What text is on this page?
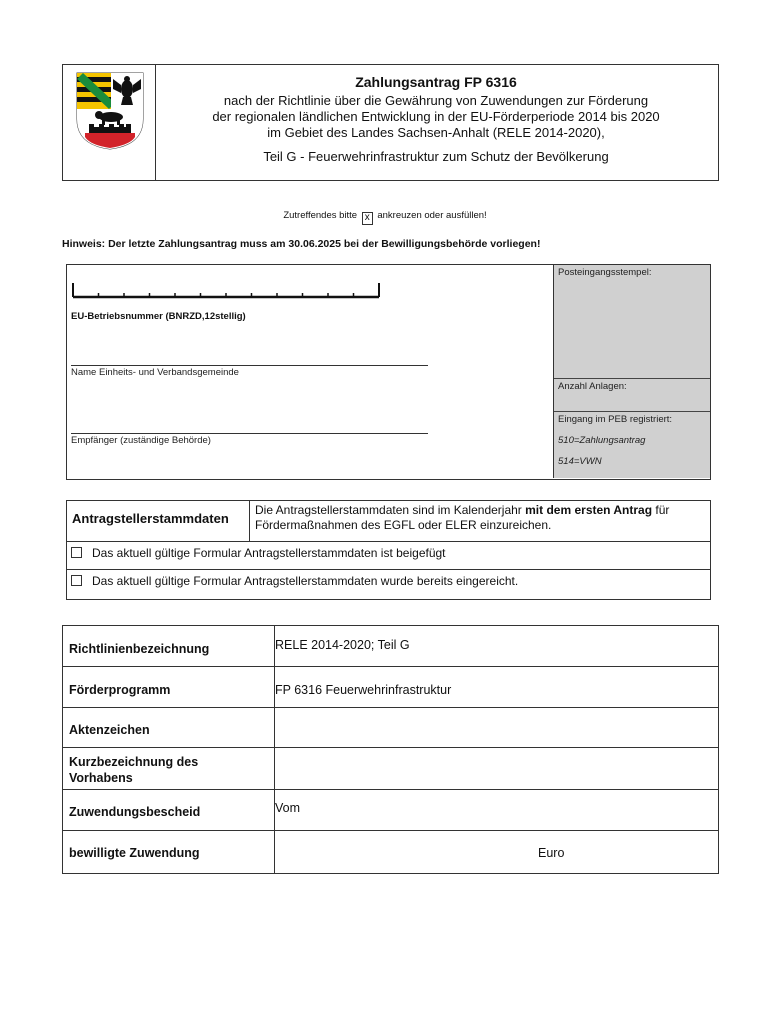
Zahlungsantrag FP 6316
nach der Richtlinie über die Gewährung von Zuwendungen zur Förderung
der regionalen ländlichen Entwicklung in der EU-Förderperiode 2014 bis 2020
im Gebiet des Landes Sachsen-Anhalt (RELE 2014-2020),
Teil G - Feuerwehrinfrastruktur zum Schutz der Bevölkerung
Zutreffendes bitte x ankreuzen oder ausfüllen!
Hinweis: Der letzte Zahlungsantrag muss am 30.06.2025 bei der Bewilligungsbehörde vorliegen!
EU-Betriebsnummer (BNRZD,12stellig)
Name Einheits- und Verbandsgemeinde
Empfänger (zuständige Behörde)
Posteingangsstempel:
Anzahl Anlagen:
Eingang im PEB registriert:
510=Zahlungsantrag
514=VWN
Antragstellerstammdaten
Die Antragstellerstammdaten sind im Kalenderjahr mit dem ersten Antrag für
Fördermaßnahmen des EGFL oder ELER einzureichen.
Das aktuell gültige Formular Antragstellerstammdaten ist beigefügt
Das aktuell gültige Formular Antragstellerstammdaten wurde bereits eingereicht.
Richtlinienbezeichnung	RELE 2014-2020; Teil G
Förderprogramm	FP 6316 Feuerwehrinfrastruktur
Aktenzeichen
Kurzbezeichnung des Vorhabens
Zuwendungsbescheid	Vom
bewilligte Zuwendung	Euro
